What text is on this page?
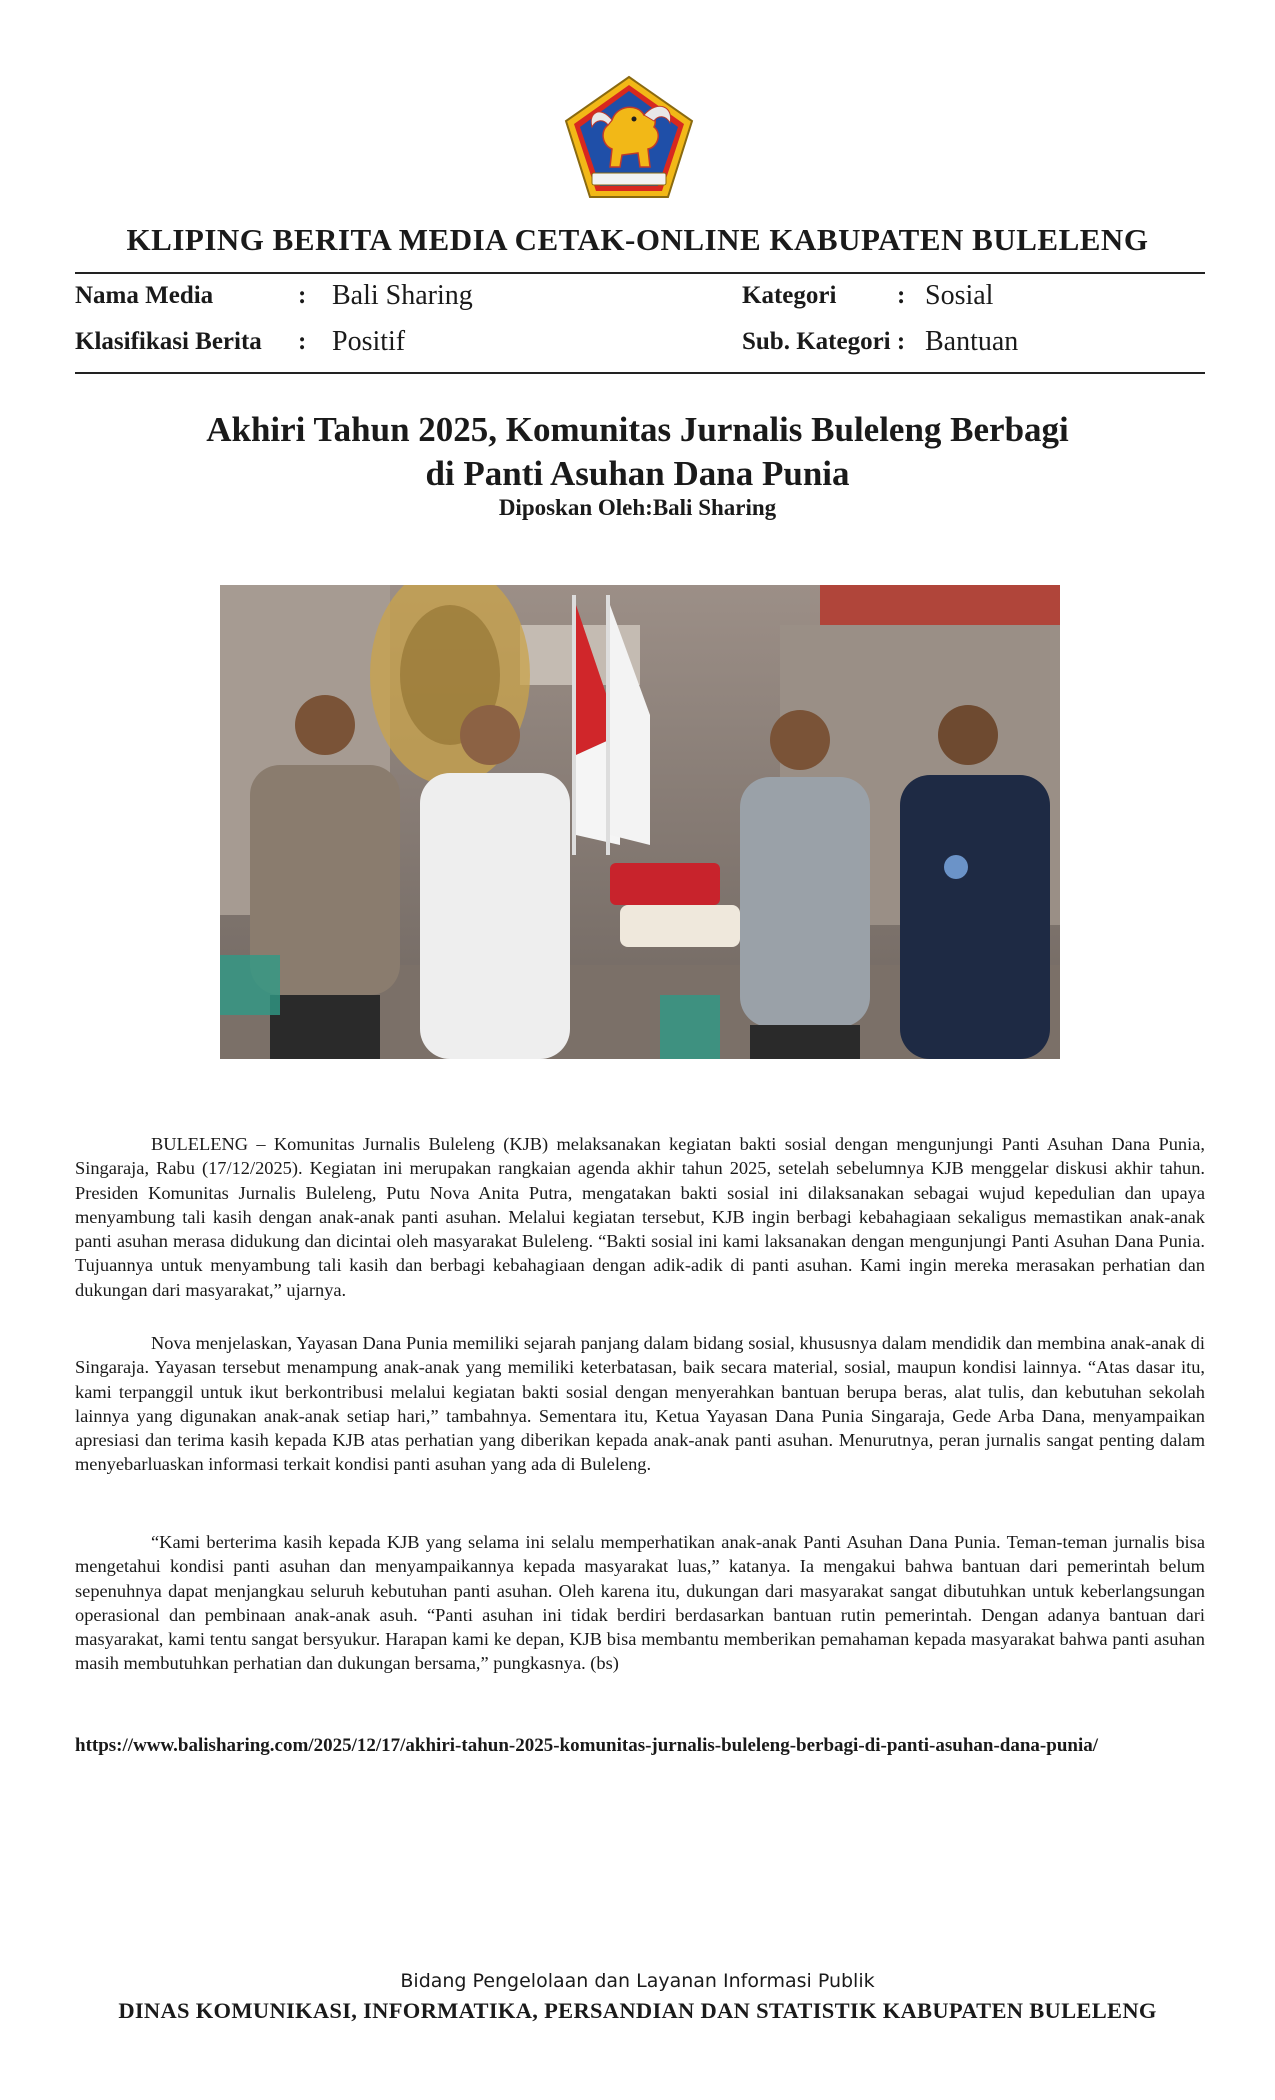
KLIPING BERITA MEDIA CETAK-ONLINE KABUPATEN BULELENG
Nama Media	: Bali Sharing	Kategori : Sosial
Klasifikasi Berita : Positif	Sub. Kategori : Bantuan
Akhiri Tahun 2025, Komunitas Jurnalis Buleleng Berbagi
di Panti Asuhan Dana Punia
Diposkan Oleh:Bali Sharing

BULELENG – Komunitas Jurnalis Buleleng (KJB) melaksanakan kegiatan bakti sosial dengan mengunjungi Panti Asuhan Dana Punia, Singaraja, Rabu (17/12/2025). Kegiatan ini merupakan rangkaian agenda akhir tahun 2025, setelah sebelumnya KJB menggelar diskusi akhir tahun. Presiden Komunitas Jurnalis Buleleng, Putu Nova Anita Putra, mengatakan bakti sosial ini dilaksanakan sebagai wujud kepedulian dan upaya menyambung tali kasih dengan anak-anak panti asuhan. Melalui kegiatan tersebut, KJB ingin berbagi kebahagiaan sekaligus memastikan anak-anak panti asuhan merasa didukung dan dicintai oleh masyarakat Buleleng. “Bakti sosial ini kami laksanakan dengan mengunjungi Panti Asuhan Dana Punia. Tujuannya untuk menyambung tali kasih dan berbagi kebahagiaan dengan adik-adik di panti asuhan. Kami ingin mereka merasakan perhatian dan dukungan dari masyarakat,” ujarnya.

Nova menjelaskan, Yayasan Dana Punia memiliki sejarah panjang dalam bidang sosial, khususnya dalam mendidik dan membina anak-anak di Singaraja. Yayasan tersebut menampung anak-anak yang memiliki keterbatasan, baik secara material, sosial, maupun kondisi lainnya. “Atas dasar itu, kami terpanggil untuk ikut berkontribusi melalui kegiatan bakti sosial dengan menyerahkan bantuan berupa beras, alat tulis, dan kebutuhan sekolah lainnya yang digunakan anak-anak setiap hari,” tambahnya. Sementara itu, Ketua Yayasan Dana Punia Singaraja, Gede Arba Dana, menyampaikan apresiasi dan terima kasih kepada KJB atas perhatian yang diberikan kepada anak-anak panti asuhan. Menurutnya, peran jurnalis sangat penting dalam menyebarluaskan informasi terkait kondisi panti asuhan yang ada di Buleleng.

“Kami berterima kasih kepada KJB yang selama ini selalu memperhatikan anak-anak Panti Asuhan Dana Punia. Teman-teman jurnalis bisa mengetahui kondisi panti asuhan dan menyampaikannya kepada masyarakat luas,” katanya. Ia mengakui bahwa bantuan dari pemerintah belum sepenuhnya dapat menjangkau seluruh kebutuhan panti asuhan. Oleh karena itu, dukungan dari masyarakat sangat dibutuhkan untuk keberlangsungan operasional dan pembinaan anak-anak asuh. “Panti asuhan ini tidak berdiri berdasarkan bantuan rutin pemerintah. Dengan adanya bantuan dari masyarakat, kami tentu sangat bersyukur. Harapan kami ke depan, KJB bisa membantu memberikan pemahaman kepada masyarakat bahwa panti asuhan masih membutuhkan perhatian dan dukungan bersama,” pungkasnya. (bs)

https://www.balisharing.com/2025/12/17/akhiri-tahun-2025-komunitas-jurnalis-buleleng-berbagi-di-panti-asuhan-dana-punia/
Bidang Pengelolaan dan Layanan Informasi Publik
DINAS KOMUNIKASI, INFORMATIKA, PERSANDIAN DAN STATISTIK KABUPATEN BULELENG
